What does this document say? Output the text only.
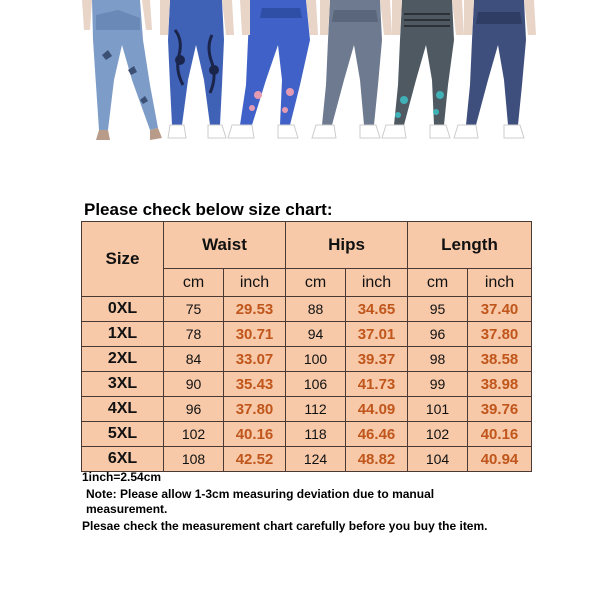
Please check below size chart:
Size	Waist		Hips		Length	
	cm	inch	cm	inch	cm	inch
0XL	75	29.53	88	34.65	95	37.40
1XL	78	30.71	94	37.01	96	37.80
2XL	84	33.07	100	39.37	98	38.58
3XL	90	35.43	106	41.73	99	38.98
4XL	96	37.80	112	44.09	101	39.76
5XL	102	40.16	118	46.46	102	40.16
6XL	108	42.52	124	48.82	104	40.94

1inch=2.54cm

Note: Please allow 1-3cm measuring deviation due to manual measurement.

Plesae check the measurement chart carefully before you buy the item.
